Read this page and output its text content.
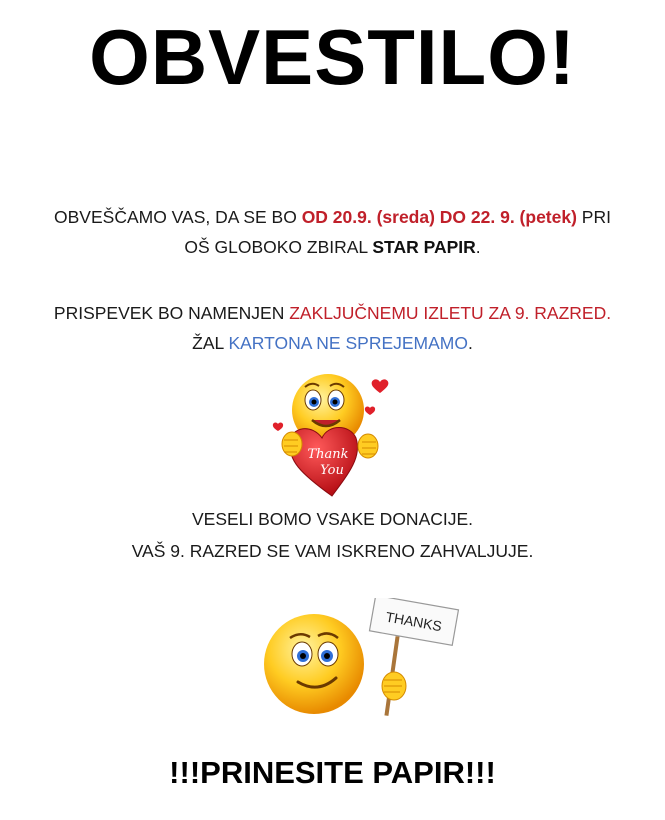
OBVESTILO!
OBVEŠČAMO VAS, DA SE BO OD 20.9. (sreda) DO 22. 9. (petek) PRI OŠ GLOBOKO ZBIRAL STAR PAPIR.
PRISPEVEK BO NAMENJEN ZAKLJUČNEMU IZLETU ZA 9. RAZRED. ŽAL KARTONA NE SPREJEMAMO.
Thank
You
VESELI BOMO VSAKE DONACIJE.
VAŠ 9. RAZRED SE VAM ISKRENO ZAHVALJUJE.
THANKS
!!!PRINESITE PAPIR!!!
